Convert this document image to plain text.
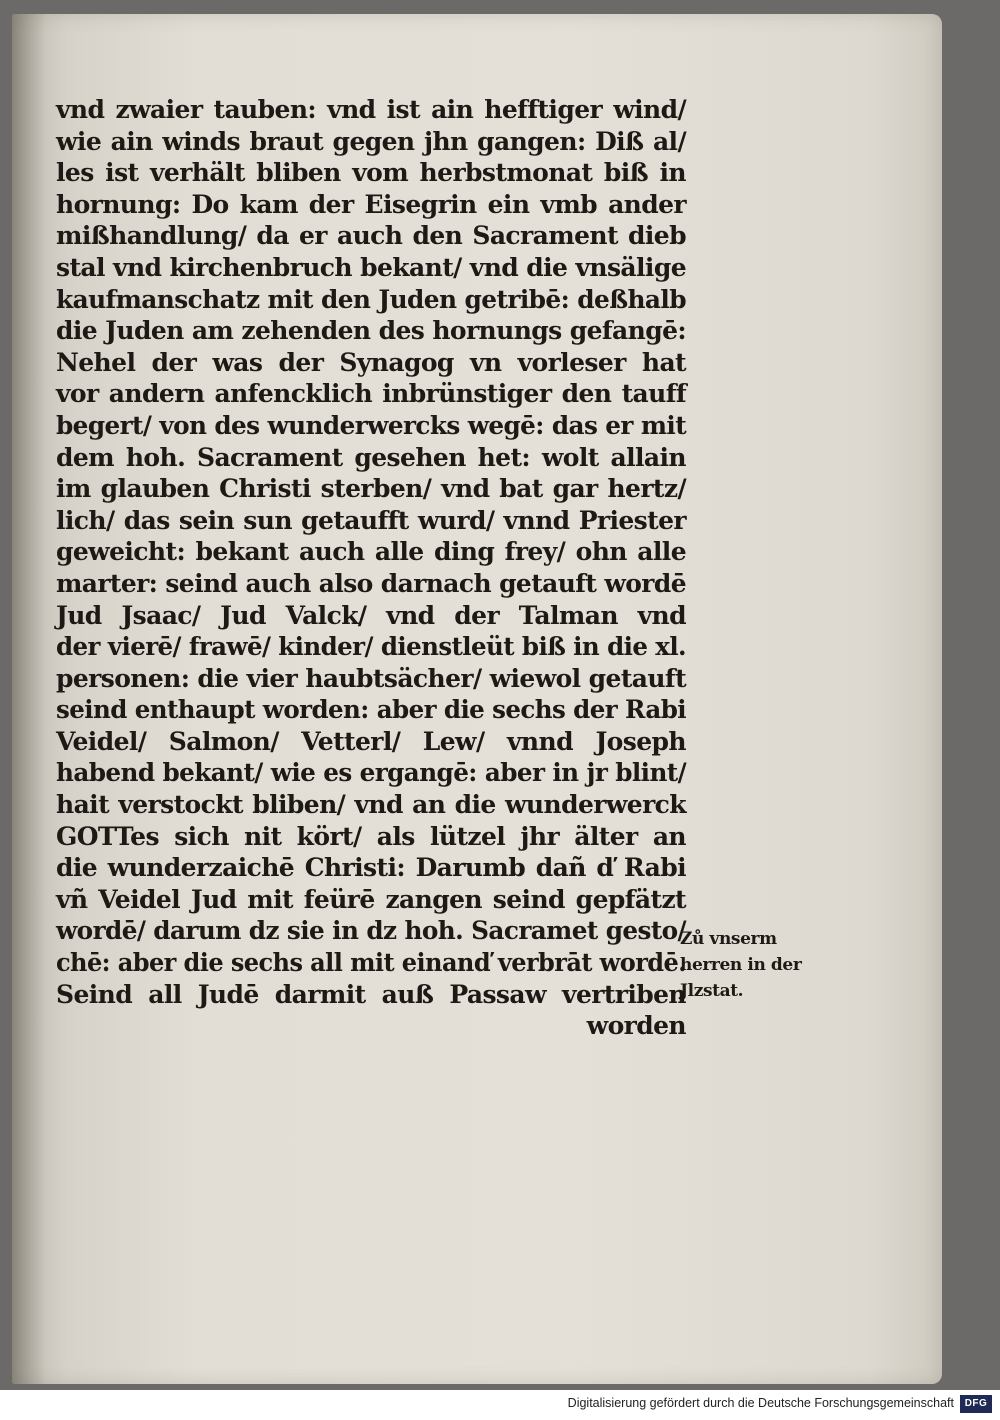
vnd zwaier tauben: vnd ist ain hefftiger wind/
wie ain winds braut gegen jhn gangen: Diß al/
les ist verhält bliben vom herbstmonat biß in
hornung: Do kam der Eisegrin ein vmb ander
mißhandlung/ da er auch den Sacrament dieb
stal vnd kirchenbruch bekant/ vnd die vnsälige
kaufmanschatz mit den Juden getribē: deßhalb
die Juden am zehenden des hornungs gefangē:
Nehel der was der Synagog vn vorleser hat
vor andern anfencklich inbrünstiger den tauff
begert/ von des wunderwercks wegē: das er mit
dem hoh. Sacrament gesehen het: wolt allain
im glauben Christi sterben/ vnd bat gar hertz/
lich/ das sein sun getaufft wurd/ vnnd Priester
geweicht: bekant auch alle ding frey/ ohn alle
marter: seind auch also darnach getauft wordē
Jud Jsaac/ Jud Valck/ vnd der Talman vnd
der vierē/ frawē/ kinder/ dienstleüt biß in die xl.
personen: die vier haubtsächer/ wiewol getauft
seind enthaupt worden: aber die sechs der Rabi
Veidel/ Salmon/ Vetterl/ Lew/ vnnd Joseph
habend bekant/ wie es ergangē: aber in jr blint/
hait verstockt bliben/ vnd an die wunderwerck
GOTTes sich nit kört/ als lützel jhr älter an
die wunderzaichē Christi: Darumb dañ ď Rabi
vñ Veidel Jud mit feürē zangen seind gepfätzt
wordē/ darum dz sie in dz hoh. Sacramet gesto/
chē: aber die sechs all mit einanď verbrāt wordē.
Seind all Judē darmit auß Passaw vertriben
worden
Zů vnserm
herren in der
Jlzstat.
Digitalisierung gefördert durch die Deutsche Forschungsgemeinschaft	DFG
